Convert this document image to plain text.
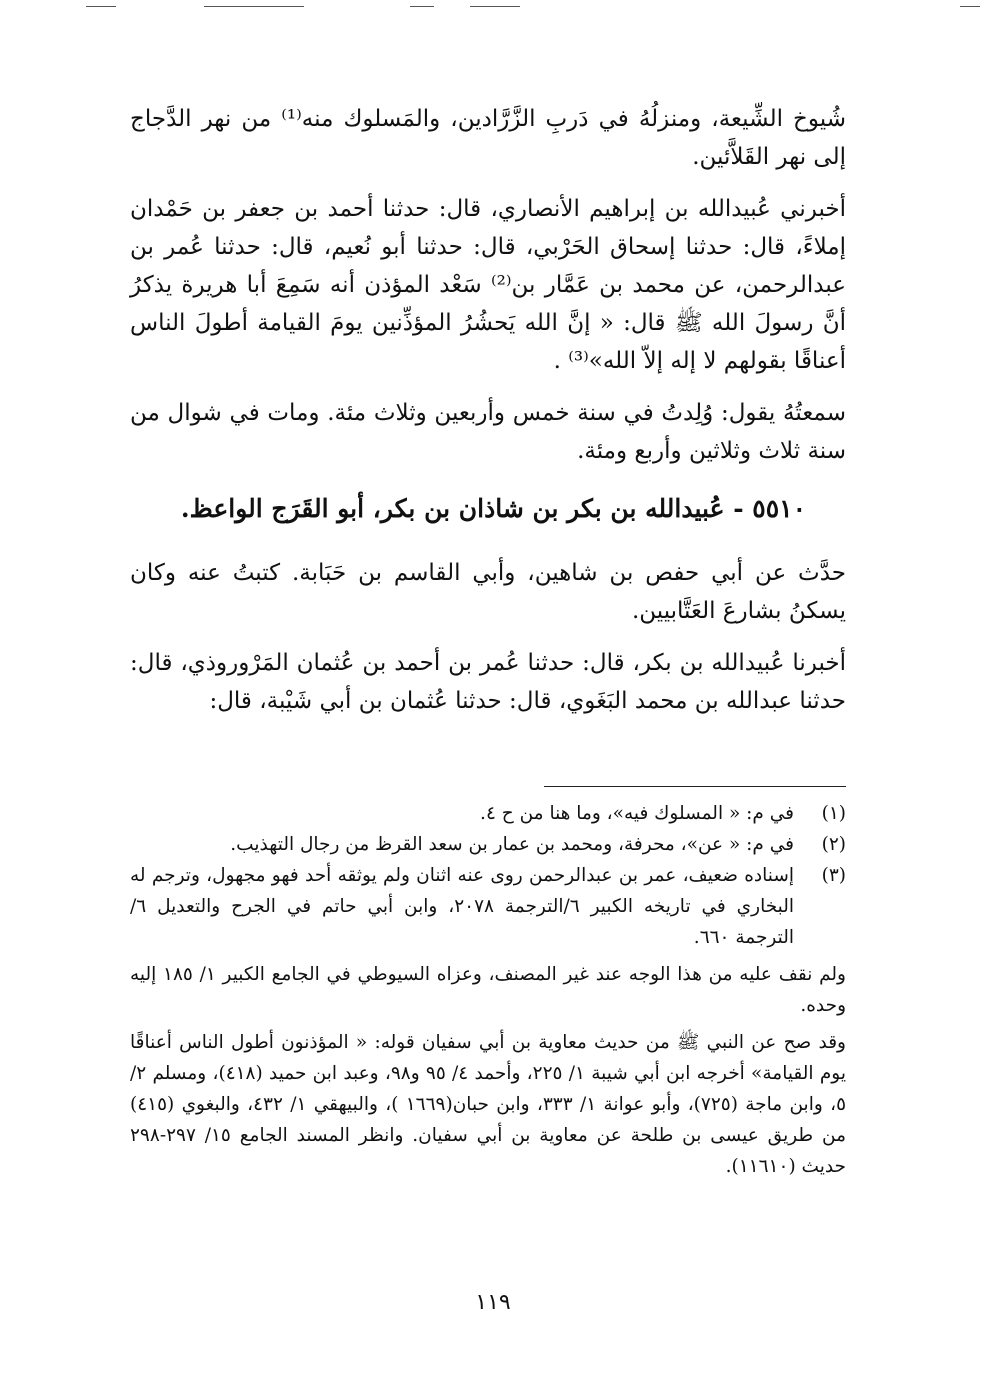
شُيوخ الشِّيعة، ومنزلُهُ في دَربِ الزَّرَّادين، والمَسلوك منه⁽¹⁾ من نهر الدَّجاج إلى نهر القَلاَّئين.

أخبرني عُبيدالله بن إبراهيم الأنصاري، قال: حدثنا أحمد بن جعفر بن حَمْدان إملاءً، قال: حدثنا إسحاق الحَرْبي، قال: حدثنا أبو نُعيم، قال: حدثنا عُمر بن عبدالرحمن، عن محمد بن عَمَّار بن⁽²⁾ سَعْد المؤذن أنه سَمِعَ أبا هريرة يذكرُ أنَّ رسولَ الله ﷺ قال: « إنَّ الله يَحشُرُ المؤذِّنين يومَ القيامة أطولَ الناس أعناقًا بقولهم لا إله إلاّ الله»⁽³⁾ .

سمعتُهُ يقول: وُلِدتُ في سنة خمس وأربعين وثلاث مئة. ومات في شوال من سنة ثلاث وثلاثين وأربع ومئة.

٥٥١٠ - عُبيدالله بن بكر بن شاذان بن بكر، أبو القَرَج الواعظ.

حدَّث عن أبي حفص بن شاهين، وأبي القاسم بن حَبَابة. كتبتُ عنه وكان يسكنُ بشارعَ العَتَّابيين.

أخبرنا عُبيدالله بن بكر، قال: حدثنا عُمر بن أحمد بن عُثمان المَرْوروذي، قال: حدثنا عبدالله بن محمد البَغَوي، قال: حدثنا عُثمان بن أبي شَيْبة، قال:

(١)
في م: « المسلوك فيه»، وما هنا من ح ٤.
(٢)
في م: « عن»، محرفة، ومحمد بن عمار بن سعد القرظ من رجال التهذيب.
(٣)
إسناده ضعيف، عمر بن عبدالرحمن روى عنه اثنان ولم يوثقه أحد فهو مجهول، وترجم له البخاري في تاريخه الكبير ٦/الترجمة ٢٠٧٨، وابن أبي حاتم في الجرح والتعديل ٦/ الترجمة ٦٦٠.

ولم نقف عليه من هذا الوجه عند غير المصنف، وعزاه السيوطي في الجامع الكبير ١/ ١٨٥ إليه وحده.

وقد صح عن النبي ﷺ من حديث معاوية بن أبي سفيان قوله: « المؤذنون أطول الناس أعناقًا يوم القيامة» أخرجه ابن أبي شيبة ١/ ٢٢٥، وأحمد ٤/ ٩٥ و٩٨، وعبد ابن حميد (٤١٨)، ومسلم ٢/ ٥، وابن ماجة (٧٢٥)، وأبو عوانة ١/ ٣٣٣، وابن حبان(١٦٦٩ )، والبيهقي ١/ ٤٣٢، والبغوي (٤١٥) من طريق عيسى بن طلحة عن معاوية بن أبي سفيان. وانظر المسند الجامع ١٥/ ٢٩٧-٢٩٨ حديث (١١٦١٠).

١١٩
